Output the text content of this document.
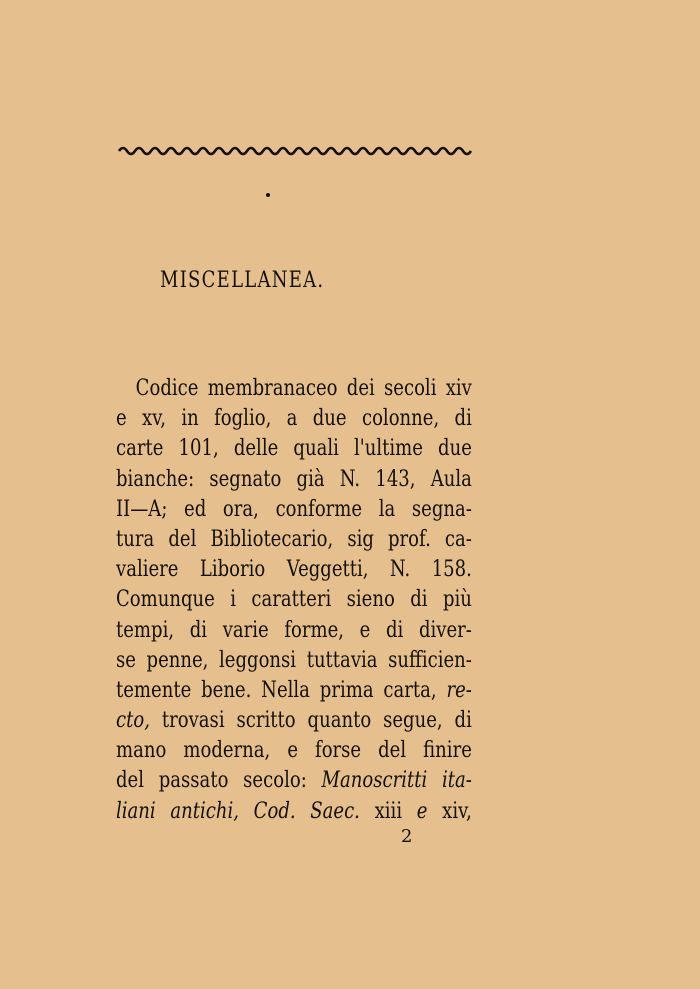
MISCELLANEA.
Codice membranaceo dei secoli xiv
e xv, in foglio, a due colonne, di
carte 101, delle quali l'ultime due
bianche: segnato già N. 143, Aula
II—A; ed ora, conforme la segna-
tura del Bibliotecario, sig prof. ca-
valiere Liborio Veggetti, N. 158.
Comunque i caratteri sieno di più
tempi, di varie forme, e di diver-
se penne, leggonsi tuttavia sufficien-
temente bene. Nella prima carta, re-
cto, trovasi scritto quanto segue, di
mano moderna, e forse del finire
del passato secolo: Manoscritti ita-
liani antichi, Cod. Saec. xiii e xiv,
2
